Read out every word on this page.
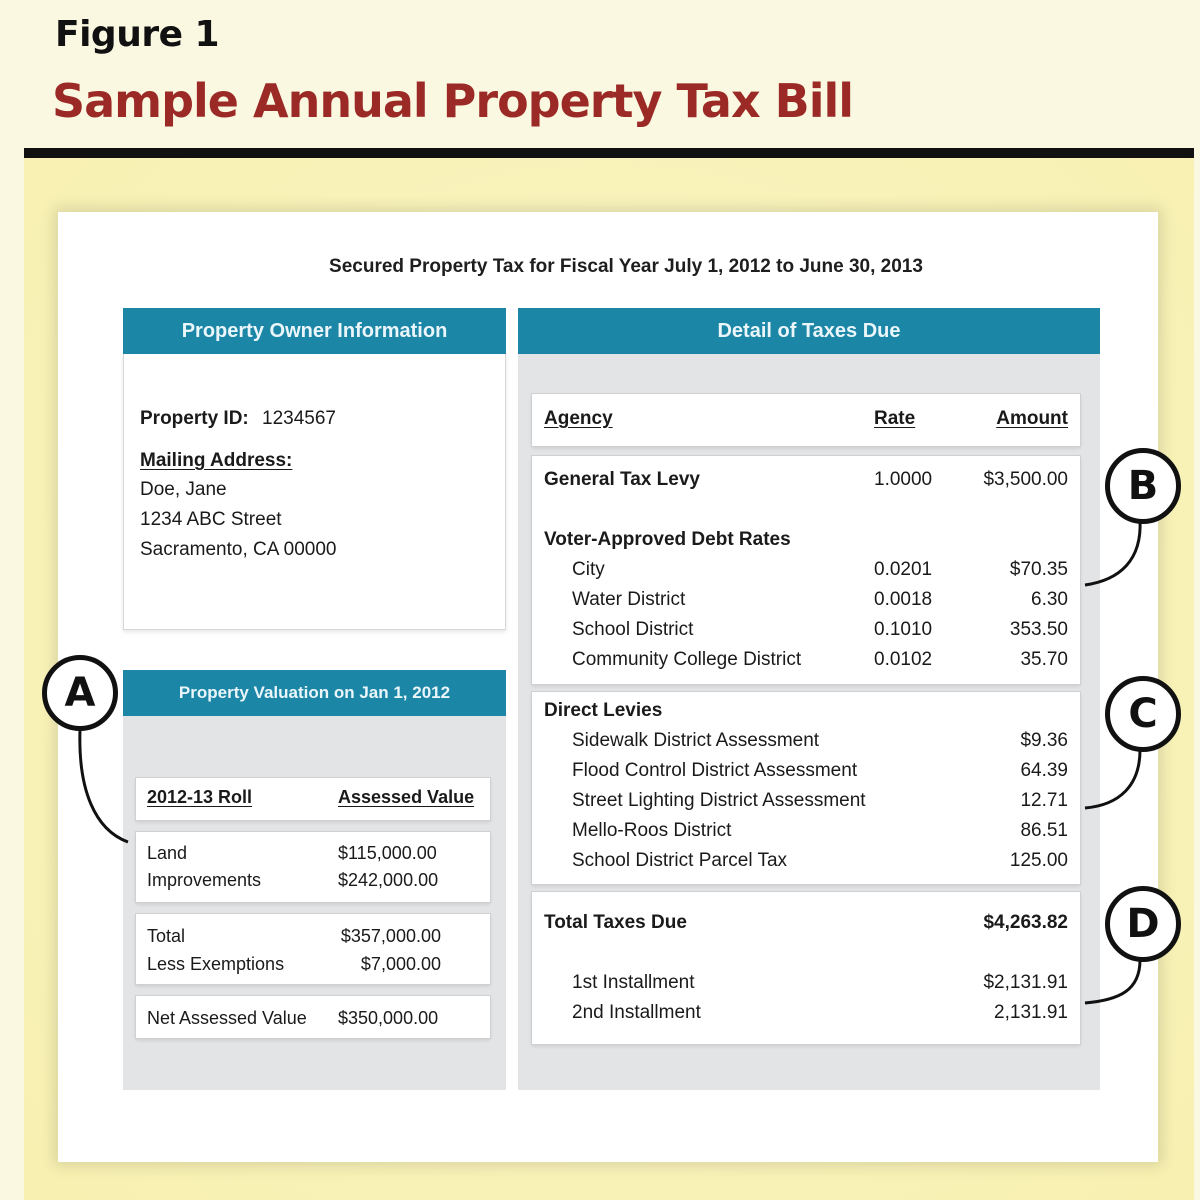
Figure 1
Sample Annual Property Tax Bill
Secured Property Tax for Fiscal Year July 1, 2012 to June 30, 2013
Property Owner Information
Property ID: 1234567
Mailing Address:
Doe, Jane
1234 ABC Street
Sacramento, CA 00000
Property Valuation on Jan 1, 2012
2012-13 Roll	Assessed Value
Land	$115,000.00
Improvements	$242,000.00
Total	$357,000.00
Less Exemptions	$7,000.00
Net Assessed Value $350,000.00
Detail of Taxes Due
Agency	Rate	Amount
General Tax Levy	1.0000	$3,500.00
Voter-Approved Debt Rates
City	0.0201	$70.35
Water District	0.0018	6.30
School District	0.1010	353.50
Community College District	0.0102	35.70
Direct Levies
Sidewalk District Assessment	$9.36
Flood Control District Assessment	64.39
Street Lighting District Assessment	12.71
Mello-Roos District	86.51
School District Parcel Tax	125.00
Total Taxes Due	$4,263.82
1st Installment	$2,131.91
2nd Installment	2,131.91
A
B
C
D
